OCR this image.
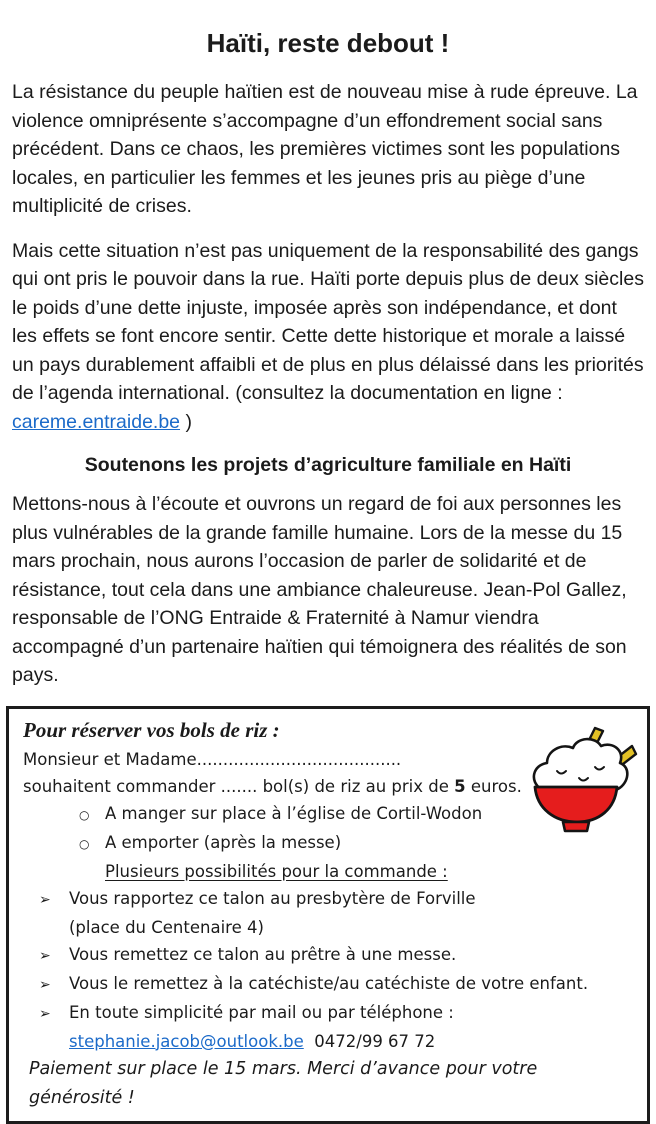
Haïti, reste debout !

La résistance du peuple haïtien est de nouveau mise à rude épreuve. La violence omniprésente s’accompagne d’un effondrement social sans précédent. Dans ce chaos, les premières victimes sont les populations locales, en particulier les femmes et les jeunes pris au piège d’une multiplicité de crises.

Mais cette situation n’est pas uniquement de la responsabilité des gangs qui ont pris le pouvoir dans la rue. Haïti porte depuis plus de deux siècles le poids d’une dette injuste, imposée après son indépendance, et dont les effets se font encore sentir. Cette dette historique et morale a laissé un pays durablement affaibli et de plus en plus délaissé dans les priorités de l’agenda international. (consultez la documentation en ligne :
careme.entraide.be )

Soutenons les projets d’agriculture familiale en Haïti

Mettons-nous à l’écoute et ouvrons un regard de foi aux personnes les plus vulnérables de la grande famille humaine. Lors de la messe du 15 mars prochain, nous aurons l’occasion de parler de solidarité et de résistance, tout cela dans une ambiance chaleureuse. Jean-Pol Gallez, responsable de l’ONG Entraide & Fraternité à Namur viendra accompagné d’un partenaire haïtien qui témoignera des réalités de son pays.

Pour réserver vos bols de riz :
Monsieur et Madame.......................................
souhaitent commander ....... bol(s) de riz au prix de 5 euros.
○ A manger sur place à l’église de Cortil-Wodon
○ A emporter (après la messe)
Plusieurs possibilités pour la commande :
➢	Vous rapportez ce talon au presbytère de Forville
(place du Centenaire 4)
➢	Vous remettez ce talon au prêtre à une messe.
➢	Vous le remettez à la catéchiste/au catéchiste de votre enfant.
➢	En toute simplicité par mail ou par téléphone :
stephanie.jacob@outlook.be 0472/99 67 72
Paiement sur place le 15 mars. Merci d’avance pour votre générosité !
